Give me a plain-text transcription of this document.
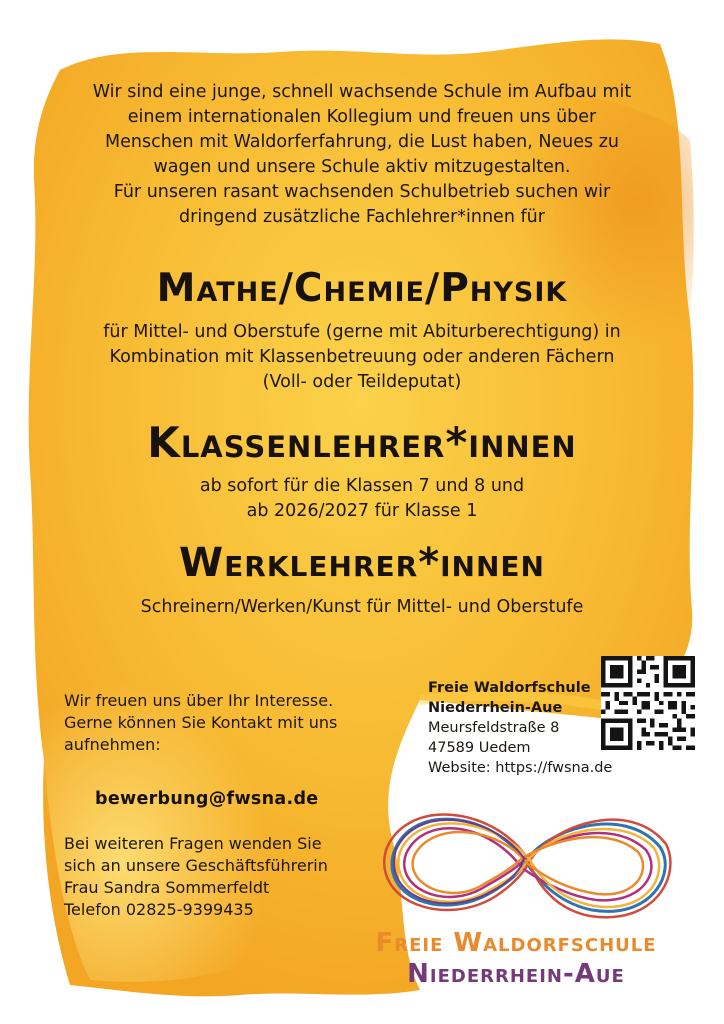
Wir sind eine junge, schnell wachsende Schule im Aufbau mit
einem internationalen Kollegium und freuen uns über
Menschen mit Waldorferfahrung, die Lust haben, Neues zu
wagen und unsere Schule aktiv mitzugestalten.
Für unseren rasant wachsenden Schulbetrieb suchen wir
dringend zusätzliche Fachlehrer*innen für

Mathe/Chemie/Physik

für Mittel- und Oberstufe (gerne mit Abiturberechtigung) in
Kombination mit Klassenbetreuung oder anderen Fächern
(Voll- oder Teildeputat)

Klassenlehrer*innen

ab sofort für die Klassen 7 und 8 und
ab 2026/2027 für Klasse 1

Werklehrer*innen

Schreinern/Werken/Kunst für Mittel- und Oberstufe

Wir freuen uns über Ihr Interesse.
Gerne können Sie Kontakt mit uns
aufnehmen:

bewerbung@fwsna.de

Bei weiteren Fragen wenden Sie
sich an unsere Geschäftsführerin
Frau Sandra Sommerfeldt
Telefon 02825-9399435

Freie Waldorfschule
Niederrhein-Aue
Meursfeldstraße 8
47589 Uedem
Website: https://fwsna.de

Freie Waldorfschule
Niederrhein-Aue
